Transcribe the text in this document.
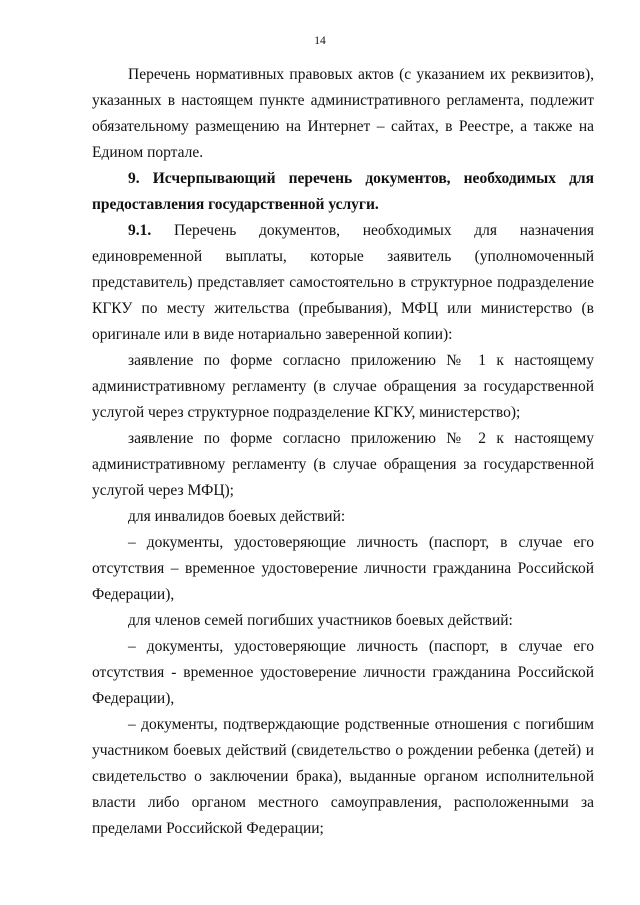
14

Перечень нормативных правовых актов (с указанием их реквизитов), указанных в настоящем пункте административного регламента, подлежит обязательному размещению на Интернет – сайтах, в Реестре, а также на Едином портале.

9. Исчерпывающий перечень документов, необходимых для предоставления государственной услуги.

9.1. Перечень документов, необходимых для назначения единовременной выплаты, которые заявитель (уполномоченный представитель) представляет самостоятельно в структурное подразделение КГКУ по месту жительства (пребывания), МФЦ или министерство (в оригинале или в виде нотариально заверенной копии):

заявление по форме согласно приложению № 1 к настоящему административному регламенту (в случае обращения за государственной услугой через структурное подразделение КГКУ, министерство);

заявление по форме согласно приложению № 2 к настоящему административному регламенту (в случае обращения за государственной услугой через МФЦ);

для инвалидов боевых действий:

– документы, удостоверяющие личность (паспорт, в случае его отсутствия – временное удостоверение личности гражданина Российской Федерации),

для членов семей погибших участников боевых действий:

– документы, удостоверяющие личность (паспорт, в случае его отсутствия - временное удостоверение личности гражданина Российской Федерации),

– документы, подтверждающие родственные отношения с погибшим участником боевых действий (свидетельство о рождении ребенка (детей) и свидетельство о заключении брака), выданные органом исполнительной власти либо органом местного самоуправления, расположенными за пределами Российской Федерации;
